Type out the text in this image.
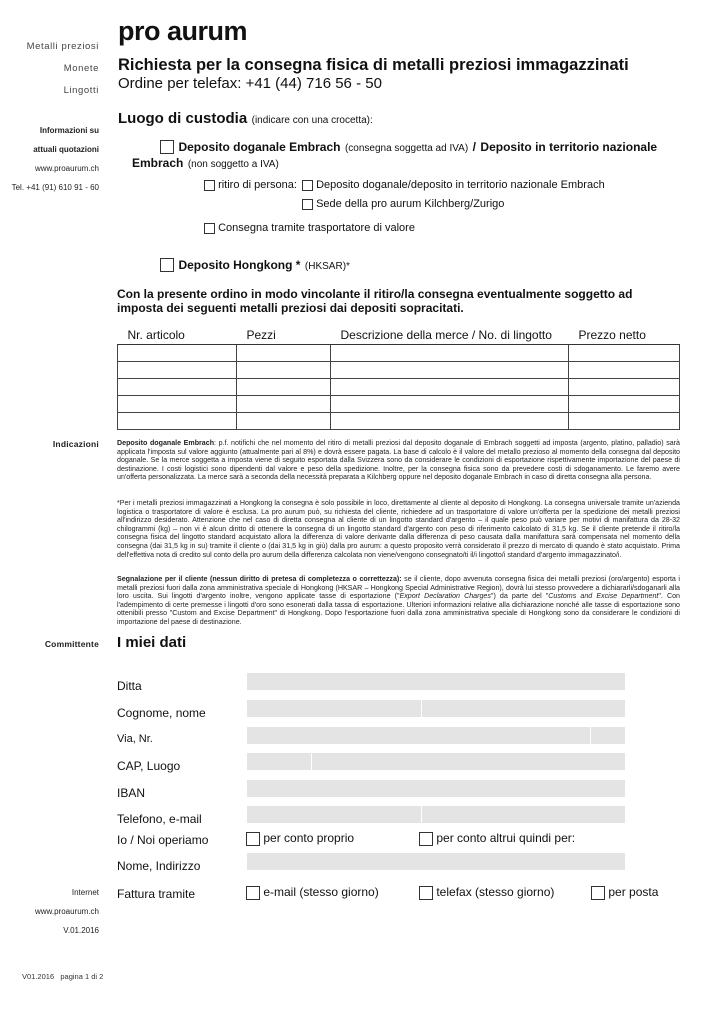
Metalli preziosi

Monete

Lingotti

Informazioni su

attuali quotazioni

www.proaurum.ch

Tel. +41 (91) 610 91 - 60

Indicazioni
Committente

Internet

www.proaurum.ch

V.01.2016

V01.2016   pagina 1 di 2
pro aurum
Richiesta per la consegna fisica di metalli preziosi immagazzinati
Ordine per telefax: +41 (44) 716 56 - 50
Luogo di custodia (indicare con una crocetta):
Deposito doganale Embrach (consegna soggetta ad IVA) / Deposito in territorio nazionale
Embrach (non soggetto a IVA)
ritiro di persona:	Deposito doganale/deposito in territorio nazionale Embrach
Sede della pro aurum Kilchberg/Zurigo
Consegna tramite trasportatore di valore
Deposito Hongkong * (HKSAR)*
Con la presente ordino in modo vincolante il ritiro/la consegna eventualmente soggetto ad imposta dei seguenti metalli preziosi dai depositi sopracitati.
Nr. articolo	Pezzi	Descrizione della merce / No. di lingotto	Prezzo netto

Deposito doganale Embrach: p.f. notifichi che nel momento del ritiro di metalli preziosi dal deposito doganale di Embrach soggetti ad imposta (argento, platino, palladio) sarà applicata l'imposta sul valore aggiunto (attualmente pari al 8%) e dovrà essere pagata. La base di calcolo è il valore del metallo prezioso al momento della consegna dal deposito doganale. Se la merce soggetta a imposta viene di seguito esportata dalla Svizzera sono da considerare le condizioni di esportazione rispettivamente importazione del paese di destinazione. I costi logistici sono dipendenti dal valore e peso della spedizione. Inoltre, per la consegna fisica sono da prevedere costi di sdoganamento. Le faremo avere un'offerta personalizzata. La merce sarà a seconda della necessità preparata a Kilchberg oppure nel deposito doganale Embrach in caso di diretta consegna alla persona.
*Per i metalli preziosi immagazzinati a Hongkong la consegna è solo possibile in loco, direttamente al cliente al deposito di Hongkong. La consegna universale tramite un'azienda logistica o trasportatore di valore è esclusa. La pro aurum può, su richiesta del cliente, richiedere ad un trasportatore di valore un'offerta per la spedizione dei metalli preziosi all'indirizzo desiderato. Attenzione che nel caso di diretta consegna al cliente di un lingotto standard d'argento – il quale peso può variare per motivi di manifattura da 28-32 chilogrammi (kg) – non vi è alcun diritto di ottenere la consegna di un lingotto standard d'argento con peso di riferimento calcolato di 31,5 kg. Se il cliente pretende il ritiro/la consegna fisica del lingotto standard acquistato allora la differenza di valore derivante dalla differenza di peso causata dalla manifattura sarà compensata nel momento della consegna (dai 31,5 kg in su) tramite il cliente o (dai 31,5 kg in giù) dalla pro aurum: a questo proposito verrà considerato il prezzo di mercato di quando è stato acquistato. Prima dell'effettiva nota di credito sul conto della pro aurum della differenza calcolata non viene/vengono consegnato/ti il/i lingotto/i standard d'argento immagazzinato/i.
Segnalazione per il cliente (nessun diritto di pretesa di completezza o correttezza): se il cliente, dopo avvenuta consegna fisica dei metalli preziosi (oro/argento) esporta i metalli preziosi fuori dalla zona amministrativa speciale di Hongkong (HKSAR – Hongkong Special Administrative Region), dovrà lui stesso provvedere a dichiararli/sdoganarli alla loro uscita. Sui lingotti d'argento inoltre, vengono applicate tasse di esportazione ("Export Declaration Charges") da parte del "Customs and Excise Department". Con l'adempimento di certe premesse i lingotti d'oro sono esonerati dalla tassa di esportazione. Ulteriori informazioni relative alla dichiarazione nonché alle tasse di esportazione sono ottenibili presso "Custom and Excise Department" di Hongkong. Dopo l'esportazione fuori dalla zona amministrativa speciale di Hongkong sono da considerare le condizioni di importazione del paese di destinazione.
I miei dati
Ditta
Cognome, nome
Via, Nr.
CAP, Luogo
IBAN
Telefono, e-mail
Io / Noi operiamo	per conto proprio	per conto altrui quindi per:
Nome, Indirizzo
Fattura tramite	e-mail (stesso giorno)	telefax (stesso giorno)	per posta
